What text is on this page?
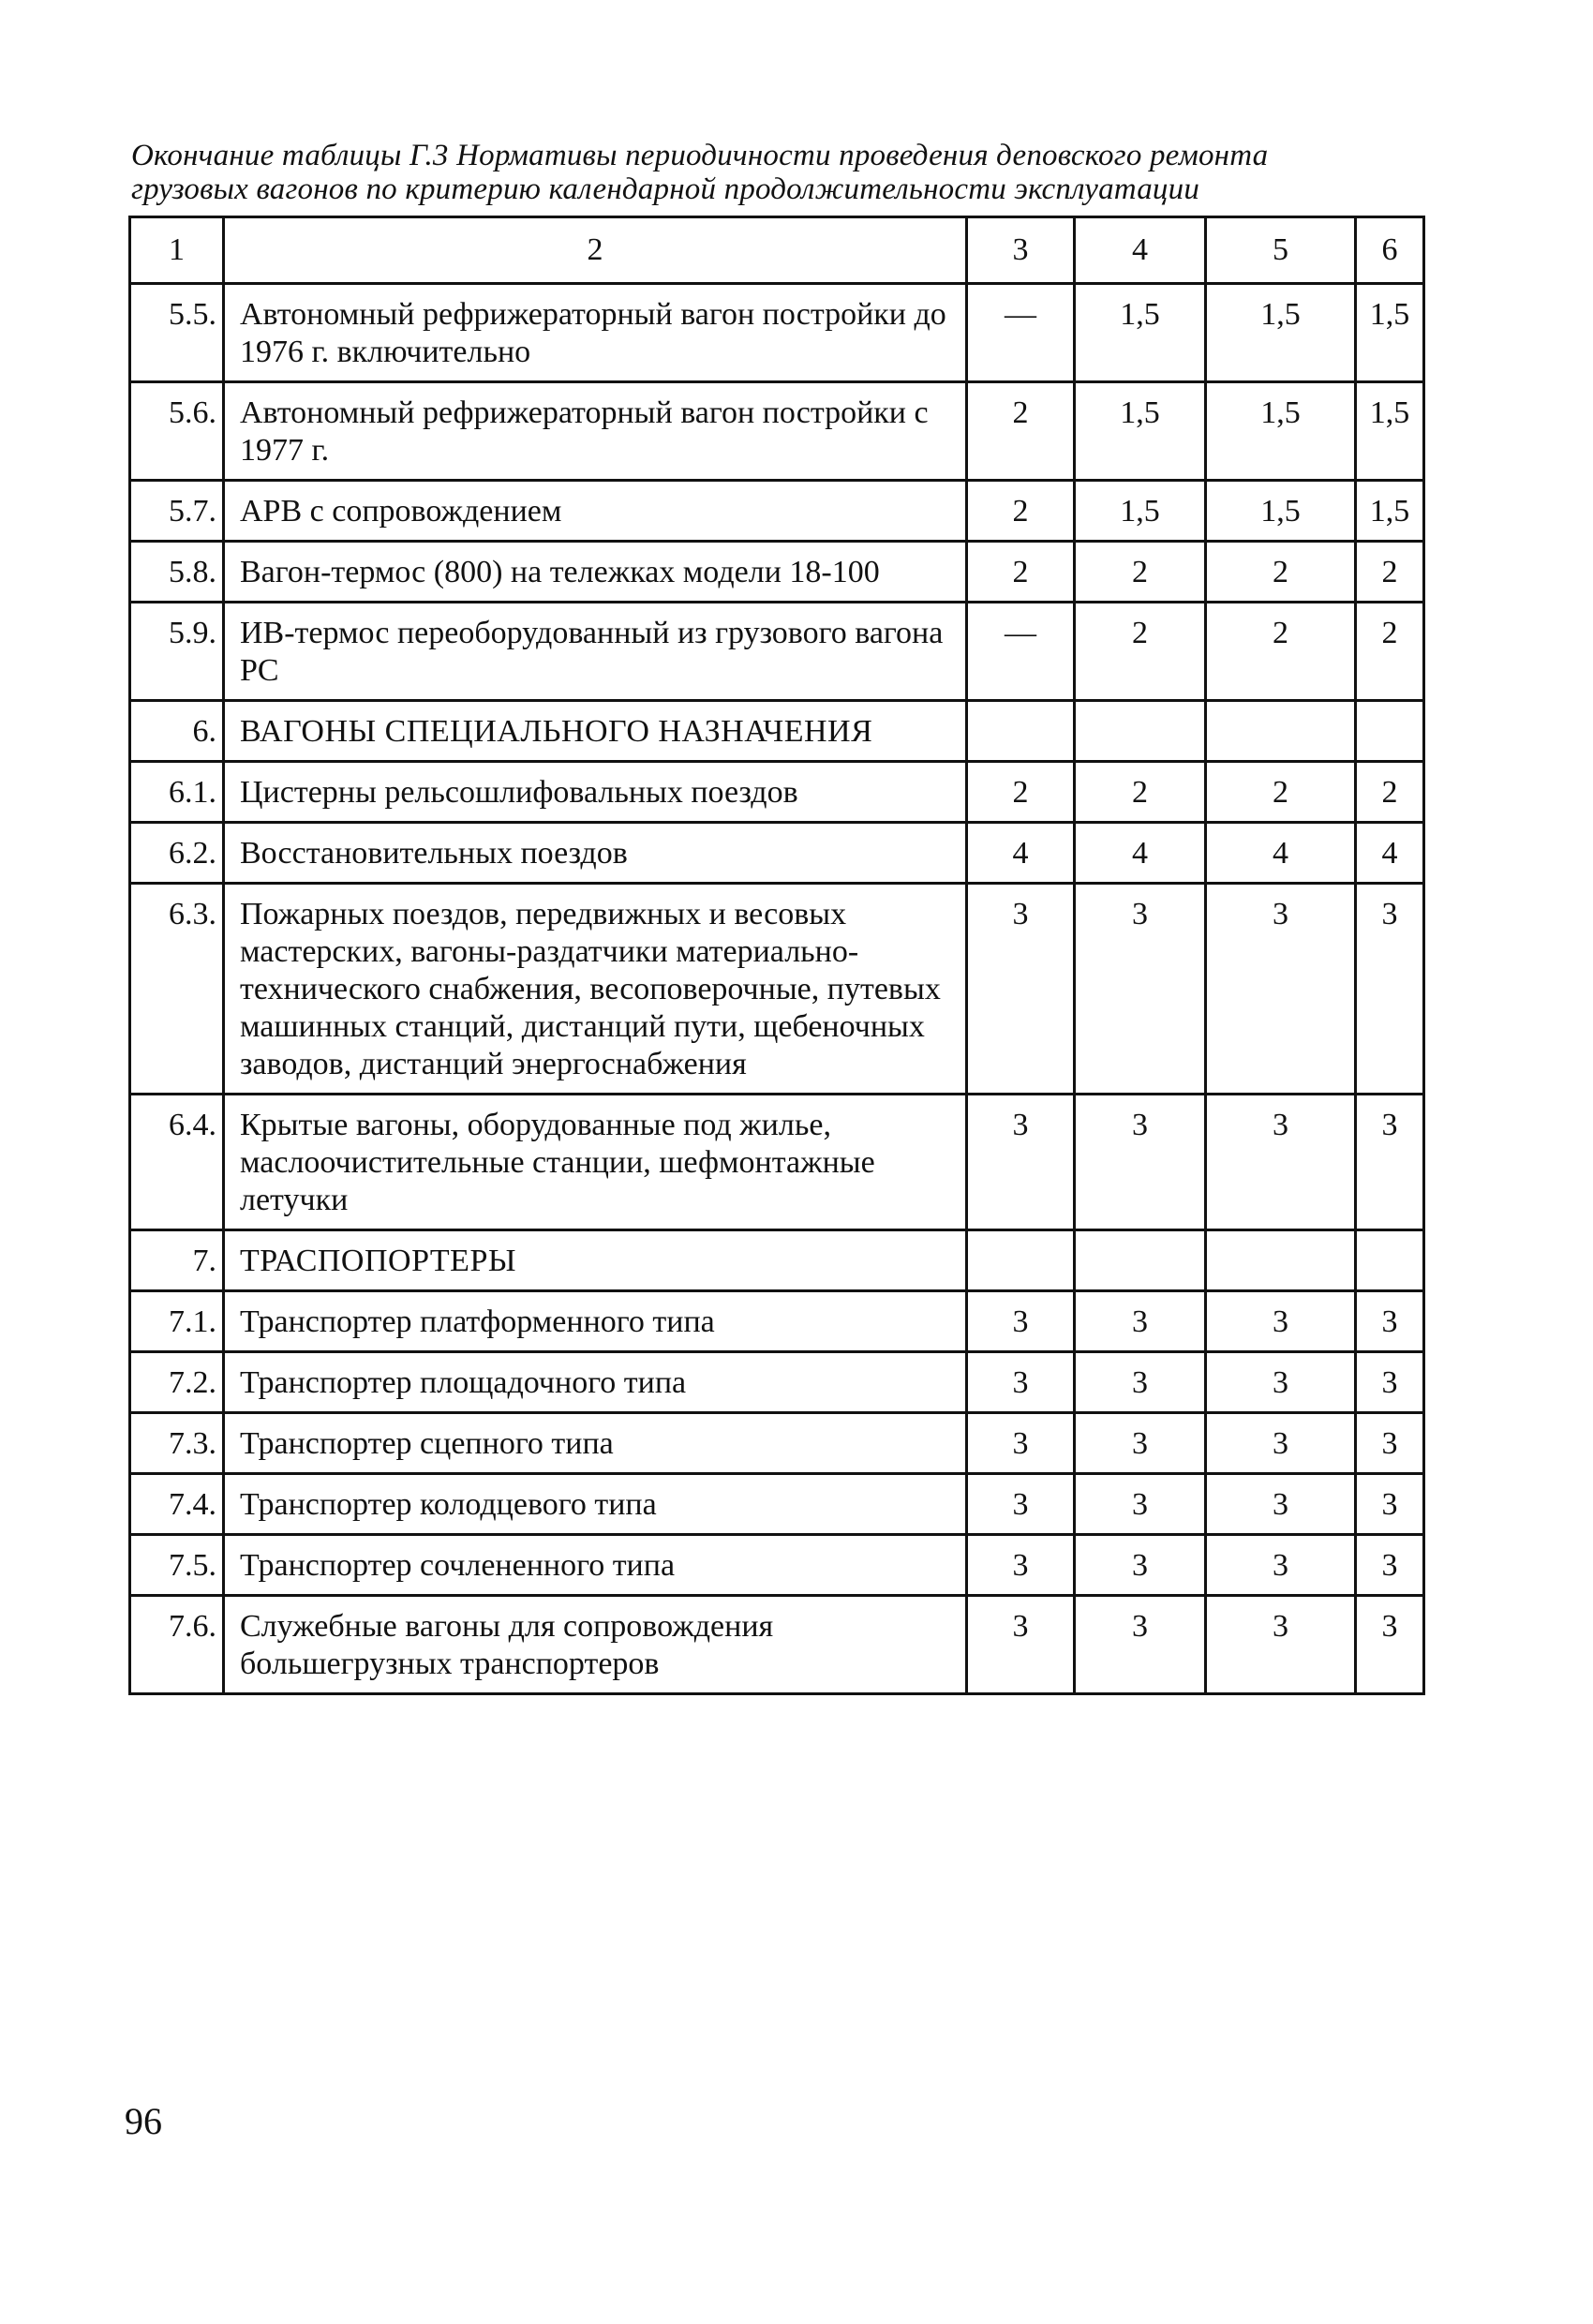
Окончание таблицы Г.3 Нормативы периодичности проведения деповского ремонта
грузовых вагонов по критерию календарной продолжительности эксплуатации
1	2	3	4	5	6
5.5.	Автономный рефрижераторный вагон постройки до 1976 г. включительно	—	1,5	1,5	1,5
5.6.	Автономный рефрижераторный вагон постройки с 1977 г.	2	1,5	1,5	1,5
5.7.	АРВ с сопровождением	2	1,5	1,5	1,5
5.8.	Вагон-термос (800) на тележках модели 18-100	2	2	2	2
5.9.	ИВ-термос переоборудованный из грузового вагона PC	—	2	2	2
6.	ВАГОНЫ СПЕЦИАЛЬНОГО НАЗНАЧЕНИЯ				
6.1.	Цистерны рельсошлифовальных поездов	2	2	2	2
6.2.	Восстановительных поездов	4	4	4	4
6.3.	Пожарных поездов, передвижных и весовых мастерских, вагоны-раздатчики материально-технического снабжения, весоповерочные, путевых машинных станций, дистанций пути, щебеночных заводов, дистанций энергоснабжения	3	3	3	3
6.4.	Крытые вагоны, оборудованные под жилье, маслоочистительные станции, шефмонтажные летучки	3	3	3	3
7.	ТРАСПОПОРТЕРЫ				
7.1.	Транспортер платформенного типа	3	3	3	3
7.2.	Транспортер площадочного типа	3	3	3	3
7.3.	Транспортер сцепного типа	3	3	3	3
7.4.	Транспортер колодцевого типа	3	3	3	3
7.5.	Транспортер сочлененного типа	3	3	3	3
7.6.	Служебные вагоны для сопровождения большегрузных транспортеров	3	3	3	3
96
